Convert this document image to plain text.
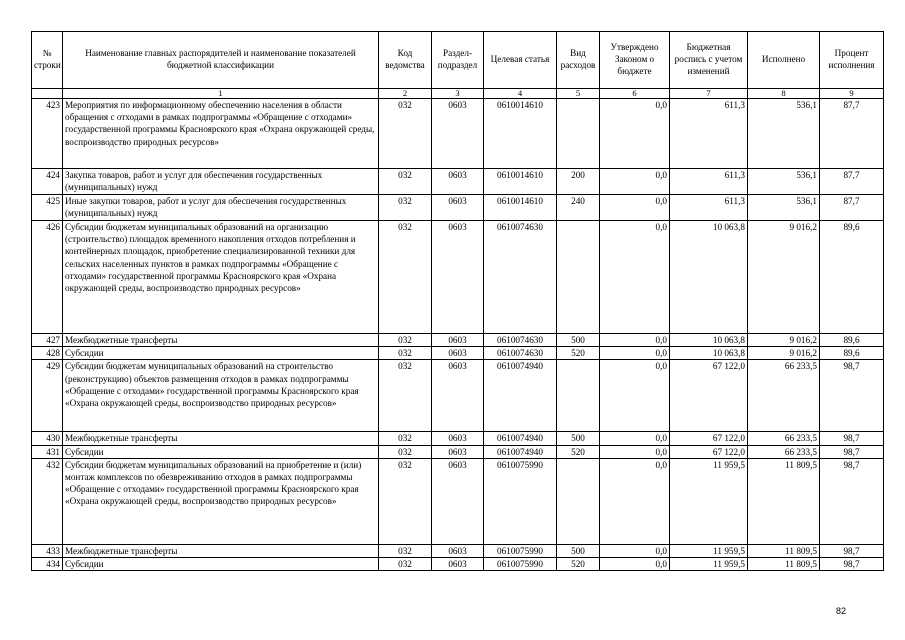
№ строки	Наименование главных распорядителей и наименование показателей бюджетной классификации	Код ведомства	Раздел-подраздел	Целевая статья	Вид расходов	Утверждено Законом о бюджете	Бюджетная роспись с учетом изменений	Исполнено	Процент исполнения
	1	2	3	4	5	6	7	8	9
423	Мероприятия по информационному обеспечению населения в области обращения с отходами в рамках подпрограммы «Обращение с отходами» государственной программы Красноярского края «Охрана окружающей среды, воспроизводство природных ресурсов»	032	0603	0610014610		0,0	611,3	536,1	87,7
424	Закупка товаров, работ и услуг для обеспечения государственных (муниципальных) нужд	032	0603	0610014610	200	0,0	611,3	536,1	87,7
425	Иные закупки товаров, работ и услуг для обеспечения государственных (муниципальных) нужд	032	0603	0610014610	240	0,0	611,3	536,1	87,7
426	Субсидии бюджетам муниципальных образований на организацию (строительство) площадок временного накопления отходов потребления и контейнерных площадок, приобретение специализированной техники для сельских населенных пунктов в рамках подпрограммы «Обращение с отходами» государственной программы Красноярского края «Охрана окружающей среды, воспроизводство природных ресурсов»	032	0603	0610074630		0,0	10 063,8	9 016,2	89,6
427	Межбюджетные трансферты	032	0603	0610074630	500	0,0	10 063,8	9 016,2	89,6
428	Субсидии	032	0603	0610074630	520	0,0	10 063,8	9 016,2	89,6
429	Субсидии бюджетам муниципальных образований на строительство (реконструкцию) объектов размещения отходов в рамках подпрограммы «Обращение с отходами» государственной программы Красноярского края «Охрана окружающей среды, воспроизводство природных ресурсов»	032	0603	0610074940		0,0	67 122,0	66 233,5	98,7
430	Межбюджетные трансферты	032	0603	0610074940	500	0,0	67 122,0	66 233,5	98,7
431	Субсидии	032	0603	0610074940	520	0,0	67 122,0	66 233,5	98,7
432	Субсидии бюджетам муниципальных образований на приобретение и (или) монтаж комплексов по обезвреживанию отходов в рамках подпрограммы «Обращение с отходами» государственной программы Красноярского края «Охрана окружающей среды, воспроизводство природных ресурсов»	032	0603	0610075990		0,0	11 959,5	11 809,5	98,7
433	Межбюджетные трансферты	032	0603	0610075990	500	0,0	11 959,5	11 809,5	98,7
434	Субсидии	032	0603	0610075990	520	0,0	11 959,5	11 809,5	98,7
82
